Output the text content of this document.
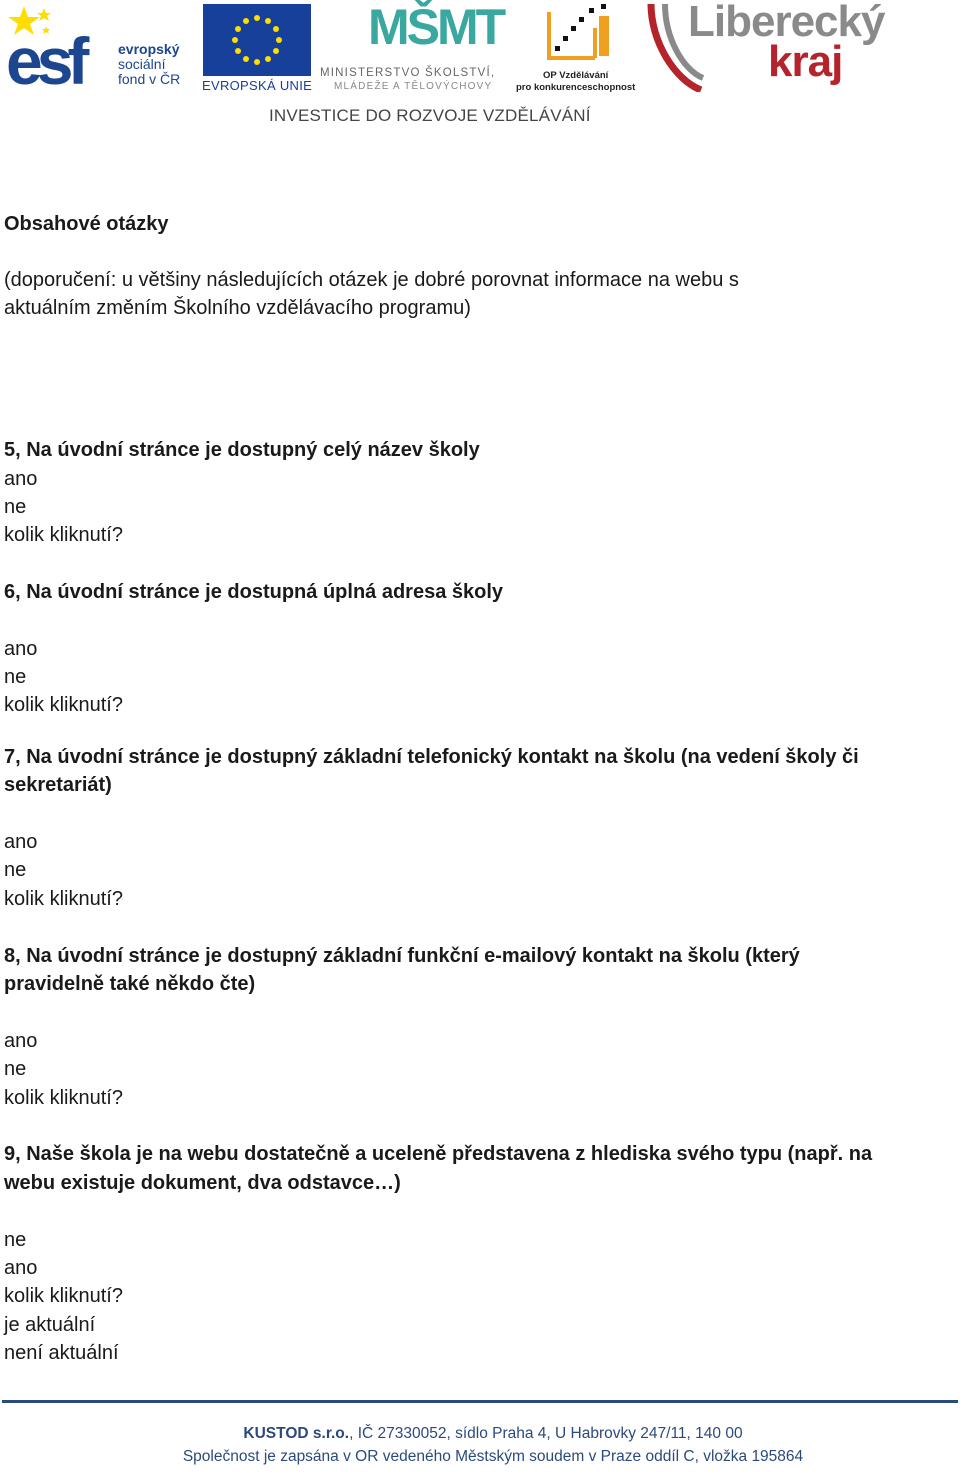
esf evropský
sociální
fond v ČR EVROPSKÁ UNIE
MŠMT
MINISTERSTVO ŠKOLSTVÍ,
MLÁDEŽE A TĚLOVÝCHOVY
OP Vzdělávání
pro konkurenceschopnost
Liberecký
kraj
INVESTICE DO ROZVOJE VZDĚLÁVÁNÍ

Obsahové otázky

(doporučení: u většiny následujících otázek je dobré porovnat informace na webu s

aktuálním změním Školního vzdělávacího programu)

5, Na úvodní stránce je dostupný celý název školy

ano

ne

kolik kliknutí?

6, Na úvodní stránce je dostupná úplná adresa školy

ano

ne

kolik kliknutí?

7, Na úvodní stránce je dostupný základní telefonický kontakt na školu (na vedení školy či

sekretariát)

ano

ne

kolik kliknutí?

8, Na úvodní stránce je dostupný základní funkční e-mailový kontakt na školu (který

pravidelně také někdo čte)

ano

ne

kolik kliknutí?

9, Naše škola je na webu dostatečně a uceleně představena z hlediska svého typu (např. na

webu existuje dokument, dva odstavce…)

ne

ano

kolik kliknutí?

je aktuální

není aktuální

KUSTOD s.r.o., IČ 27330052, sídlo Praha 4, U Habrovky 247/11, 140 00
Společnost je zapsána v OR vedeného Městským soudem v Praze oddíl C, vložka 195864
